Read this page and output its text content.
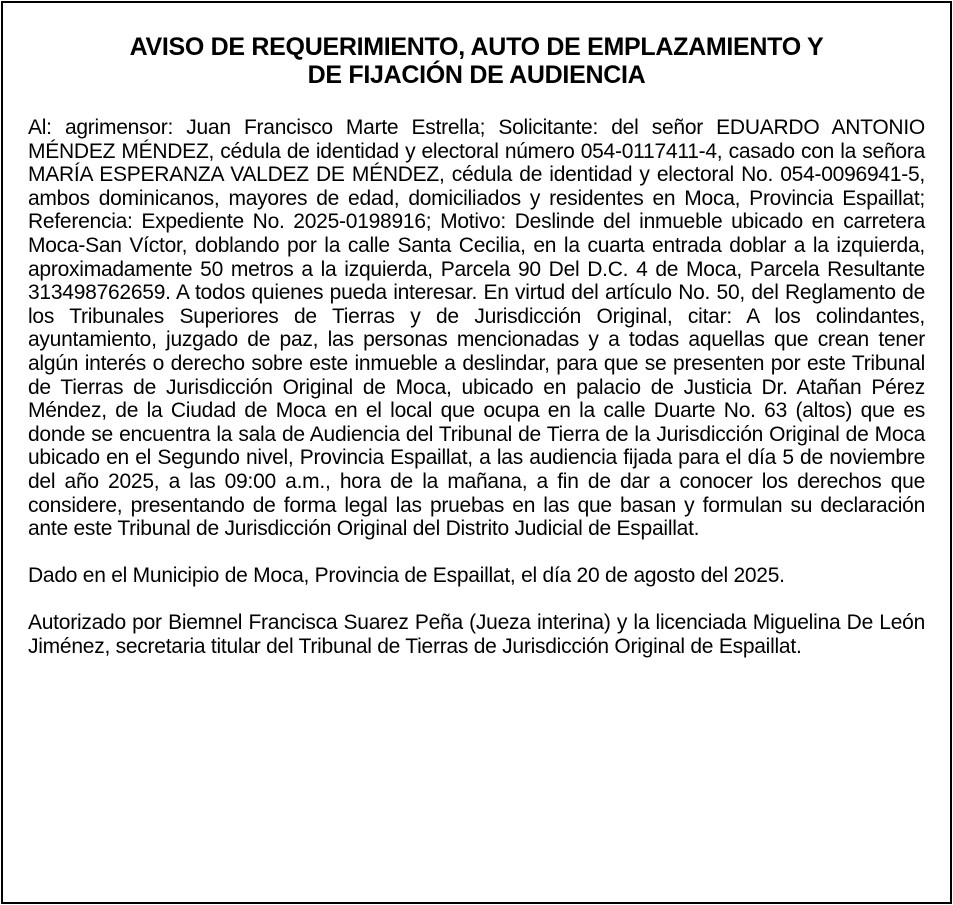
AVISO DE REQUERIMIENTO, AUTO DE EMPLAZAMIENTO Y
DE FIJACIÓN DE AUDIENCIA

Al: agrimensor: Juan Francisco Marte Estrella; Solicitante: del señor EDUARDO ANTONIO MÉNDEZ MÉNDEZ, cédula de identidad y electoral número 054-0117411-4, casado con la señora MARÍA ESPERANZA VALDEZ DE MÉNDEZ, cédula de identidad y electoral No. 054-0096941-5, ambos dominicanos, mayores de edad, domiciliados y residentes en Moca, Provincia Espaillat; Referencia: Expediente No. 2025-0198916; Motivo: Deslinde del inmueble ubicado en carretera Moca-San Víctor, doblando por la calle Santa Cecilia, en la cuarta entrada doblar a la izquierda, aproximadamente 50 metros a la izquierda, Parcela 90 Del D.C. 4 de Moca, Parcela Resultante 313498762659. A todos quienes pueda interesar. En virtud del artículo No. 50, del Reglamento de los Tribunales Superiores de Tierras y de Jurisdicción Original, citar: A los colindantes, ayuntamiento, juzgado de paz, las personas mencionadas y a todas aquellas que crean tener algún interés o derecho sobre este inmueble a deslindar, para que se presenten por este Tribunal de Tierras de Jurisdicción Original de Moca, ubicado en palacio de Justicia Dr. Atañan Pérez Méndez, de la Ciudad de Moca en el local que ocupa en la calle Duarte No. 63 (altos) que es donde se encuentra la sala de Audiencia del Tribunal de Tierra de la Jurisdicción Original de Moca ubicado en el Segundo nivel, Provincia Espaillat, a las audiencia fijada para el día 5 de noviembre del año 2025, a las 09:00 a.m., hora de la mañana, a fin de dar a conocer los derechos que considere, presentando de forma legal las pruebas en las que basan y formulan su declaración ante este Tribunal de Jurisdicción Original del Distrito Judicial de Espaillat.

Dado en el Municipio de Moca, Provincia de Espaillat, el día 20 de agosto del 2025.

Autorizado por Biemnel Francisca Suarez Peña (Jueza interina) y la licenciada Miguelina De León Jiménez, secretaria titular del Tribunal de Tierras de Jurisdicción Original de Espaillat.
